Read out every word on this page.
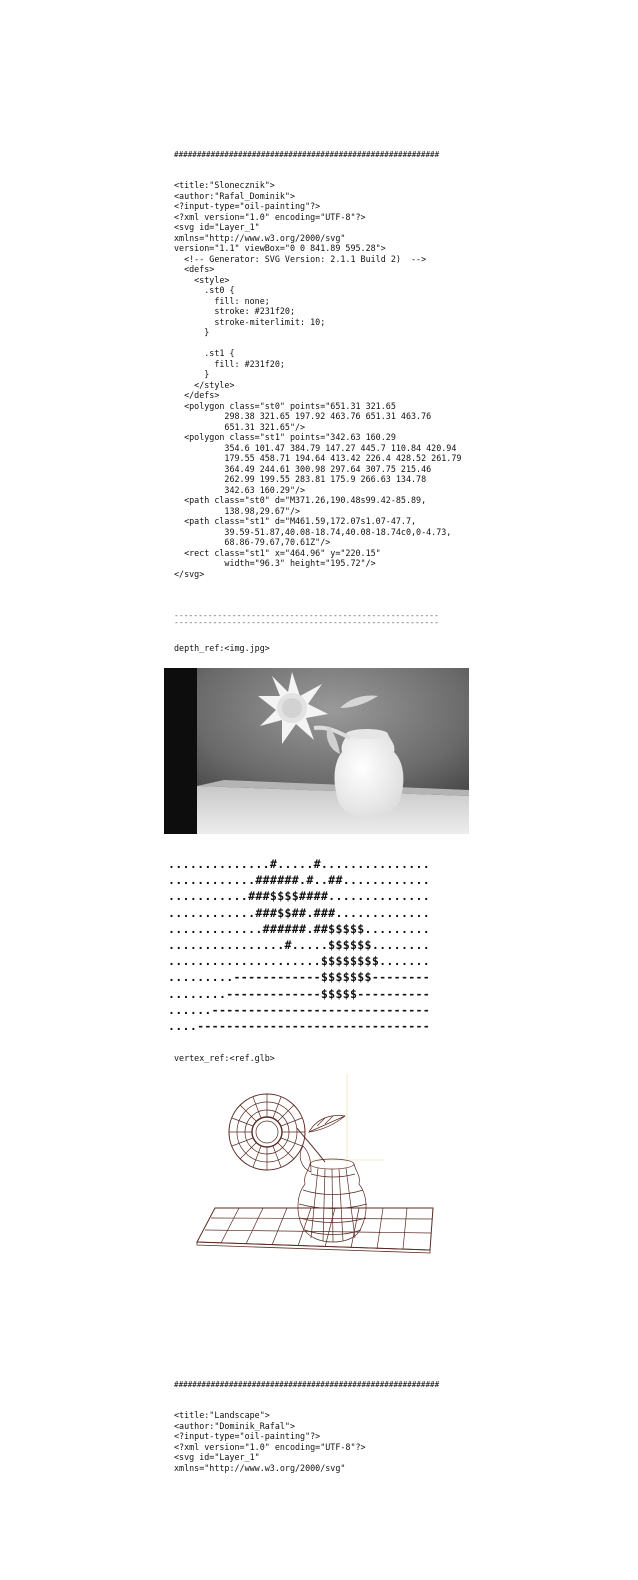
##########################################################
<title:"Slonecznik">
<author:"Rafal_Dominik">
<?input-type="oil-painting"?>
<?xml version="1.0" encoding="UTF-8"?>
<svg id="Layer_1"
xmlns="http://www.w3.org/2000/svg"
version="1.1" viewBox="0 0 841.89 595.28">
<!-- Generator: SVG Version: 2.1.1 Build 2)  -->
<defs>
<style>
.st0 {
fill: none;
stroke: #231f20;
stroke-miterlimit: 10;
}

.st1 {
fill: #231f20;
}
</style>
</defs>
<polygon class="st0" points="651.31 321.65
298.38 321.65 197.92 463.76 651.31 463.76
651.31 321.65"/>
<polygon class="st1" points="342.63 160.29
354.6 101.47 384.79 147.27 445.7 110.84 420.94
179.55 458.71 194.64 413.42 226.4 428.52 261.79
364.49 244.61 300.98 297.64 307.75 215.46
262.99 199.55 283.81 175.9 266.63 134.78
342.63 160.29"/>
<path class="st0" d="M371.26,190.48s99.42-85.89,
138.98,29.67"/>
<path class="st1" d="M461.59,172.07s1.07-47.7,
39.59-51.87,40.08-18.74,40.08-18.74c0,0-4.73,
68.86-79.67,70.61Z"/>
<rect class="st1" x="464.96" y="220.15"
width="96.3" height="195.72"/>
</svg>
-------------------------------------------------------
-------------------------------------------------------
depth_ref:<img.jpg>
..............#.....#...............
............######.#..##............
...........###$$$$####..............
............###$$##.###.............
.............######.##$$$$$.........
................#.....$$$$$$........
.....................$$$$$$$$.......
.........------------$$$$$$$--------
........-------------$$$$$----------
......------------------------------
....--------------------------------
vertex_ref:<ref.glb>
##########################################################
<title:"Landscape">
<author:"Dominik_Rafal">
<?input-type="oil-painting"?>
<?xml version="1.0" encoding="UTF-8"?>
<svg id="Layer_1"
xmlns="http://www.w3.org/2000/svg"
